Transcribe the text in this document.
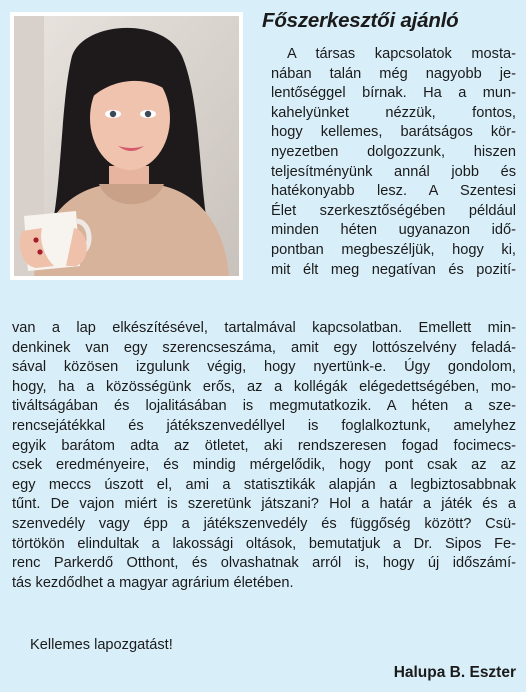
Főszerkesztői ajánló

A társas kapcsolatok mosta-
nában talán még nagyobb je-
lentőséggel bírnak. Ha a mun-
kahelyünket nézzük, fontos,
hogy kellemes, barátságos kör-
nyezetben dolgozzunk, hiszen
teljesítményünk annál jobb és
hatékonyabb lesz. A Szentesi
Élet szerkesztőségében például
minden héten ugyanazon idő-
pontban megbeszéljük, hogy ki,
mit élt meg negatívan és pozití-

van a lap elkészítésével, tartalmával kapcsolatban. Emellett min-
denkinek van egy szerencseszáma, amit egy lottószelvény feladá-
sával közösen izgulunk végig, hogy nyertünk-e. Úgy gondolom,
hogy, ha a közösségünk erős, az a kollégák elégedettségében, mo-
tiváltságában és lojalitásában is megmutatkozik. A héten a sze-
rencsejátékkal és játékszenvedéllyel is foglalkoztunk, amelyhez
egyik barátom adta az ötletet, aki rendszeresen fogad focimecs-
csek eredményeire, és mindig mérgelődik, hogy pont csak az az
egy meccs úszott el, ami a statisztikák alapján a legbiztosabbnak
tűnt. De vajon miért is szeretünk játszani? Hol a határ a játék és a
szenvedély vagy épp a játékszenvedély és függőség között? Csü-
törtökön elindultak a lakossági oltások, bemutatjuk a Dr. Sipos Fe-
renc Parkerdő Otthont, és olvashatnak arról is, hogy új időszámí-
tás kezdődhet a magyar agrárium életében.

Kellemes lapozgatást!

Halupa B. Eszter
